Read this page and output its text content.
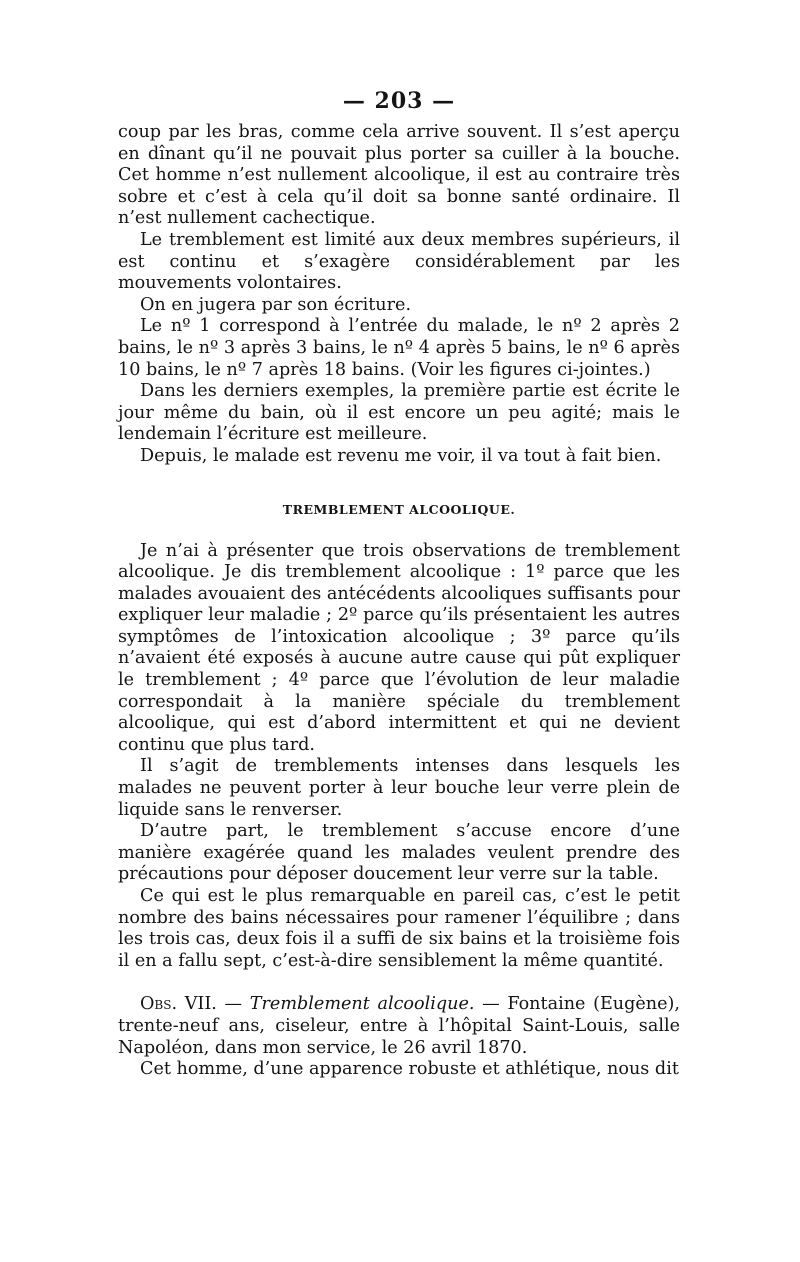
— 203 —

coup par les bras, comme cela arrive souvent. Il s’est aperçu en dînant qu’il ne pouvait plus porter sa cuiller à la bouche. Cet homme n’est nullement alcoolique, il est au contraire très sobre et c’est à cela qu’il doit sa bonne santé ordinaire. Il n’est nullement cachectique.

Le tremblement est limité aux deux membres supérieurs, il est continu et s’exagère considérablement par les mouvements volontaires.

On en jugera par son écriture.

Le nº 1 correspond à l’entrée du malade, le nº 2 après 2 bains, le nº 3 après 3 bains, le nº 4 après 5 bains, le nº 6 après 10 bains, le nº 7 après 18 bains. (Voir les figures ci-jointes.)

Dans les derniers exemples, la première partie est écrite le jour même du bain, où il est encore un peu agité; mais le lendemain l’écriture est meilleure.

Depuis, le malade est revenu me voir, il va tout à fait bien.

TREMBLEMENT ALCOOLIQUE.

Je n’ai à présenter que trois observations de tremblement alcoolique. Je dis tremblement alcoolique : 1º parce que les malades avouaient des antécédents alcooliques suffisants pour expliquer leur maladie ; 2º parce qu’ils présentaient les autres symptômes de l’intoxication alcoolique ; 3º parce qu’ils n’avaient été exposés à aucune autre cause qui pût expliquer le tremblement ; 4º parce que l’évolution de leur maladie correspondait à la manière spéciale du tremblement alcoolique, qui est d’abord intermittent et qui ne devient continu que plus tard.

Il s’agit de tremblements intenses dans lesquels les malades ne peuvent porter à leur bouche leur verre plein de liquide sans le renverser.

D’autre part, le tremblement s’accuse encore d’une manière exagérée quand les malades veulent prendre des précautions pour déposer doucement leur verre sur la table.

Ce qui est le plus remarquable en pareil cas, c’est le petit nombre des bains nécessaires pour ramener l’équilibre ; dans les trois cas, deux fois il a suffi de six bains et la troisième fois il en a fallu sept, c’est-à-dire sensiblement la même quantité.

Obs. VII. — Tremblement alcoolique. — Fontaine (Eugène), trente-neuf ans, ciseleur, entre à l’hôpital Saint-Louis, salle Napoléon, dans mon service, le 26 avril 1870.

Cet homme, d’une apparence robuste et athlétique, nous dit
